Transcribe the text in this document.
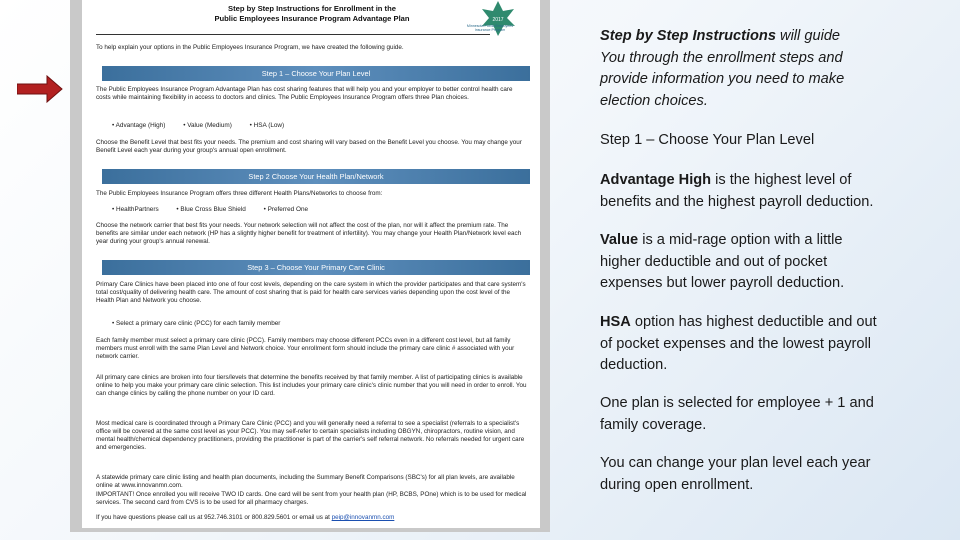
Step by Step Instructions for Enrollment in the
Public Employees Insurance Program Advantage Plan	2017
Minnesota Public Employees Insurance Program
To help explain your options in the Public Employees Insurance Program, we have created the following guide.
Step 1 – Choose Your Plan Level
The Public Employees Insurance Program Advantage Plan has cost sharing features that will help you and your employer to better control health care costs while maintaining flexibility in access to doctors and clinics. The Public Employees Insurance Program offers three Plan choices.
• Advantage (High)	• Value (Medium)	• HSA (Low)
Choose the Benefit Level that best fits your needs. The premium and cost sharing will vary based on the Benefit Level you choose. You may change your Benefit Level each year during your group's annual open enrollment.
Step 2 Choose Your Health Plan/Network
The Public Employees Insurance Program offers three different Health Plans/Networks to choose from:
• HealthPartners	• Blue Cross Blue Shield	• Preferred One
Choose the network carrier that best fits your needs. Your network selection will not affect the cost of the plan, nor will it affect the premium rate. The benefits are similar under each network (HP has a slightly higher benefit for treatment of infertility). You may change your Health Plan/Network level each year during your group's annual renewal.
Step 3 – Choose Your Primary Care Clinic
Primary Care Clinics have been placed into one of four cost levels, depending on the care system in which the provider participates and that care system's total cost/quality of delivering health care. The amount of cost sharing that is paid for health care services varies depending upon the cost level of the Health Plan and Network you choose.
• Select a primary care clinic (PCC) for each family member
Each family member must select a primary care clinic (PCC). Family members may choose different PCCs even in a different cost level, but all family members must enroll with the same Plan Level and Network choice. Your enrollment form should include the primary care clinic # associated with your network carrier.
All primary care clinics are broken into four tiers/levels that determine the benefits received by that family member. A list of participating clinics is available online to help you make your primary care clinic selection. This list includes your primary care clinic's clinic number that you will need in order to enroll. You can change clinics by calling the phone number on your ID card.
Most medical care is coordinated through a Primary Care Clinic (PCC) and you will generally need a referral to see a specialist (referrals to a specialist's office will be covered at the same cost level as your PCC). You may self-refer to certain specialists including OBGYN, chiropractors, routine vision, and mental health/chemical dependency practitioners, providing the practitioner is part of the carrier's self referral network. No referrals needed for urgent care and emergencies.
A statewide primary care clinic listing and health plan documents, including the Summary Benefit Comparisons (SBC's) for all plan levels, are available online at www.innovanmn.com.
IMPORTANT! Once enrolled you will receive TWO ID cards. One card will be sent from your health plan (HP, BCBS, POne) which is to be used for medical services. The second card from CVS is to be used for all pharmacy charges.
If you have questions please call us at 952.746.3101 or 800.829.5601 or email us at peip@innovanmn.com
Step by Step Instructions will guide
You through the enrollment steps and
provide information you need to make
election choices.
Step 1 – Choose Your Plan Level
Advantage High is the highest level of
benefits and the highest payroll deduction.
Value is a mid-rage option with a little
higher deductible and out of pocket
expenses but lower payroll deduction.
HSA option has highest deductible and out
of pocket expenses and the lowest payroll
deduction.
One plan is selected for employee + 1 and
family coverage.
You can change your plan level each year
during open enrollment.
